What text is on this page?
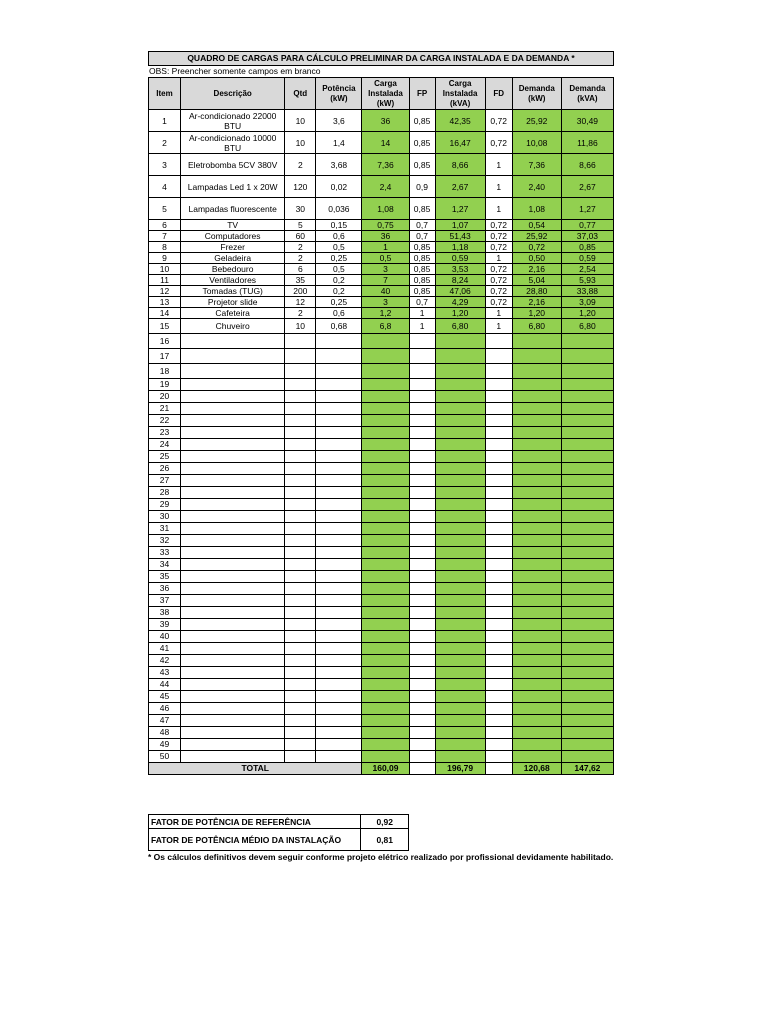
QUADRO DE CARGAS PARA CÁLCULO PRELIMINAR DA CARGA INSTALADA E DA DEMANDA *
OBS: Preencher somente campos em branco
Item	Descrição	Qtd	Potência (kW)	Carga Instalada (kW)	FP	Carga Instalada (kVA)	FD	Demanda (kW)	Demanda (kVA)
1	Ar-condicionado 22000 BTU	10	3,6	36	0,85	42,35	0,72	25,92	30,49
2	Ar-condicionado 10000 BTU	10	1,4	14	0,85	16,47	0,72	10,08	11,86
3	Eletrobomba 5CV 380V	2	3,68	7,36	0,85	8,66	1	7,36	8,66
4	Lampadas Led 1 x 20W	120	0,02	2,4	0,9	2,67	1	2,40	2,67
5	Lampadas fluorescente	30	0,036	1,08	0,85	1,27	1	1,08	1,27
6	TV	5	0,15	0,75	0,7	1,07	0,72	0,54	0,77
7	Computadores	60	0,6	36	0,7	51,43	0,72	25,92	37,03
8	Frezer	2	0,5	1	0,85	1,18	0,72	0,72	0,85
9	Geladeira	2	0,25	0,5	0,85	0,59	1	0,50	0,59
10	Bebedouro	6	0,5	3	0,85	3,53	0,72	2,16	2,54
11	Ventiladores	35	0,2	7	0,85	8,24	0,72	5,04	5,93
12	Tomadas (TUG)	200	0,2	40	0,85	47,06	0,72	28,80	33,88
13	Projetor slide	12	0,25	3	0,7	4,29	0,72	2,16	3,09
14	Cafeteira	2	0,6	1,2	1	1,20	1	1,20	1,20
15	Chuveiro	10	0,68	6,8	1	6,80	1	6,80	6,80
16									
17									
18									
19									
20									
21									
22									
23									
24									
25									
26									
27									
28									
29									
30									
31									
32									
33									
34									
35									
36									
37									
38									
39									
40									
41									
42									
43									
44									
45									
46									
47									
48									
49									
50									
TOTAL				160,09		196,79		120,68	147,62
FATOR DE POTÊNCIA DE REFERÊNCIA	0,92
FATOR DE POTÊNCIA MÉDIO DA INSTALAÇÃO	0,81
* Os cálculos definitivos devem seguir conforme projeto elétrico realizado por profissional devidamente habilitado.
